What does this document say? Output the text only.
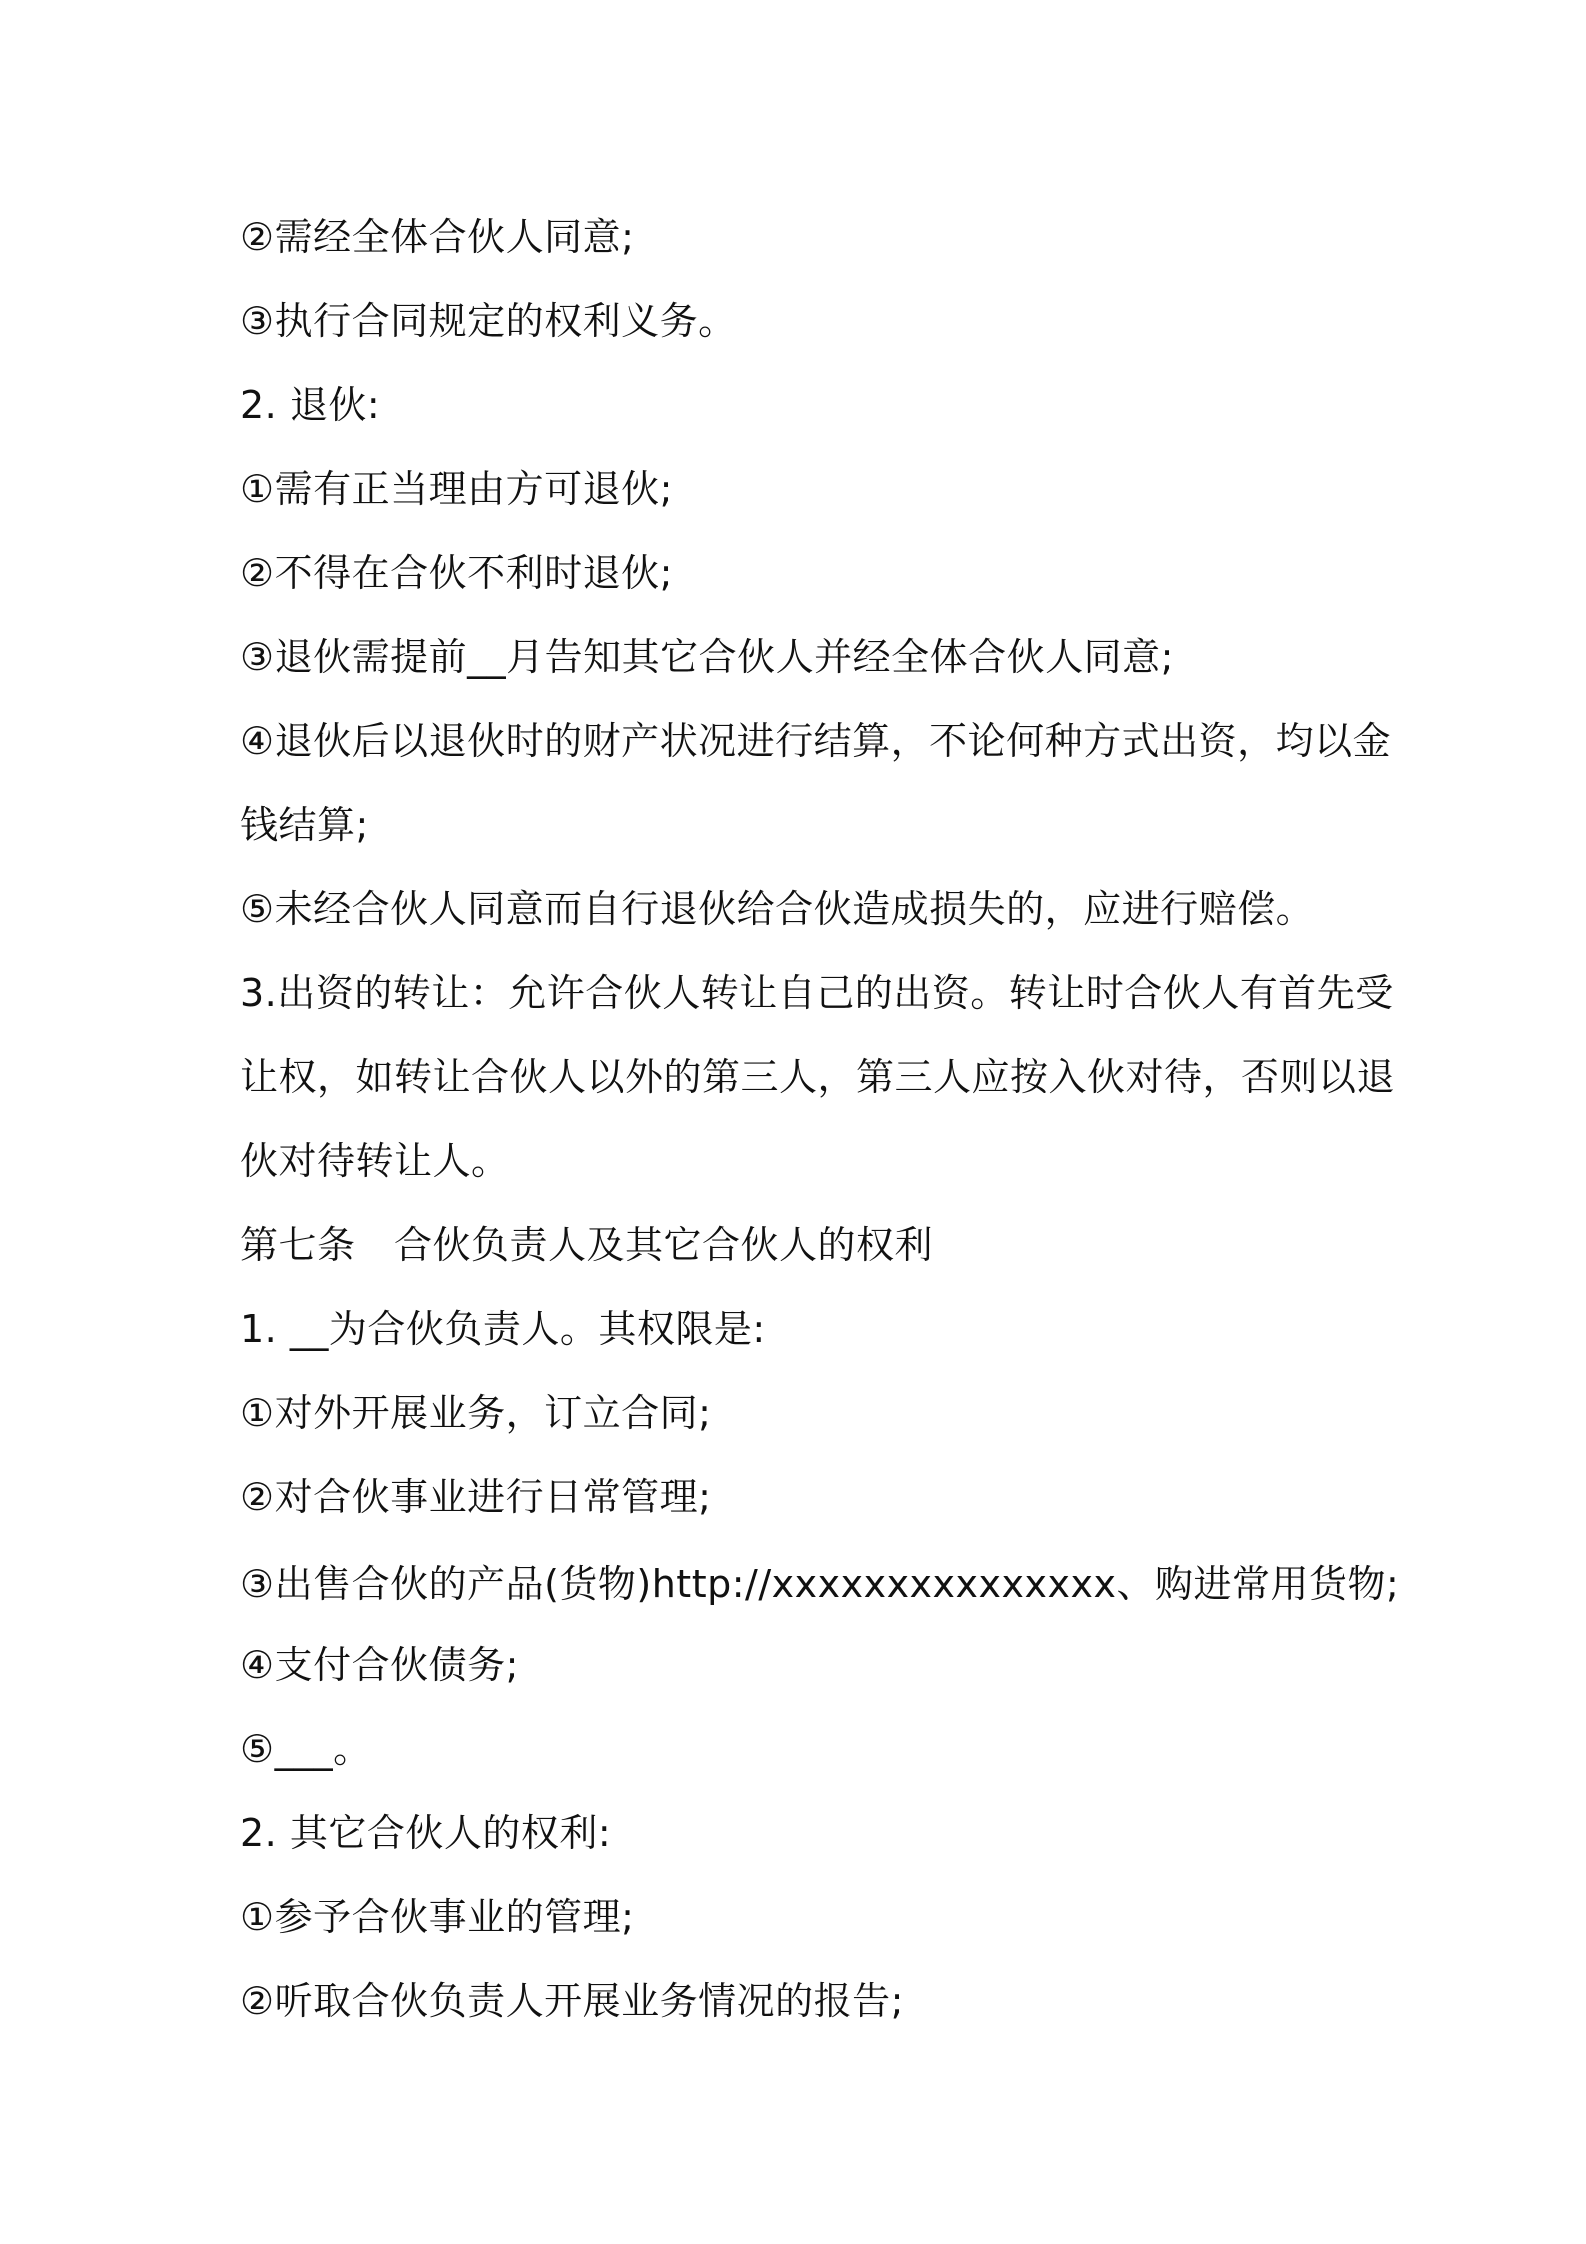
②需经全体合伙人同意;
③执行合同规定的权利义务。
2. 退伙:
①需有正当理由方可退伙;
②不得在合伙不利时退伙;
③退伙需提前__月告知其它合伙人并经全体合伙人同意;
④退伙后以退伙时的财产状况进行结算，不论何种方式出资，均以金
钱结算;
⑤未经合伙人同意而自行退伙给合伙造成损失的，应进行赔偿。
3.出资的转让：允许合伙人转让自己的出资。转让时合伙人有首先受
让权，如转让合伙人以外的第三人，第三人应按入伙对待，否则以退
伙对待转让人。
第七条　合伙负责人及其它合伙人的权利
1. __为合伙负责人。其权限是:
①对外开展业务，订立合同;
②对合伙事业进行日常管理;
③出售合伙的产品(货物)http://xxxxxxxxxxxxxxx、购进常用货物;
④支付合伙债务;
⑤___。
2. 其它合伙人的权利:
①参予合伙事业的管理;
②听取合伙负责人开展业务情况的报告;
